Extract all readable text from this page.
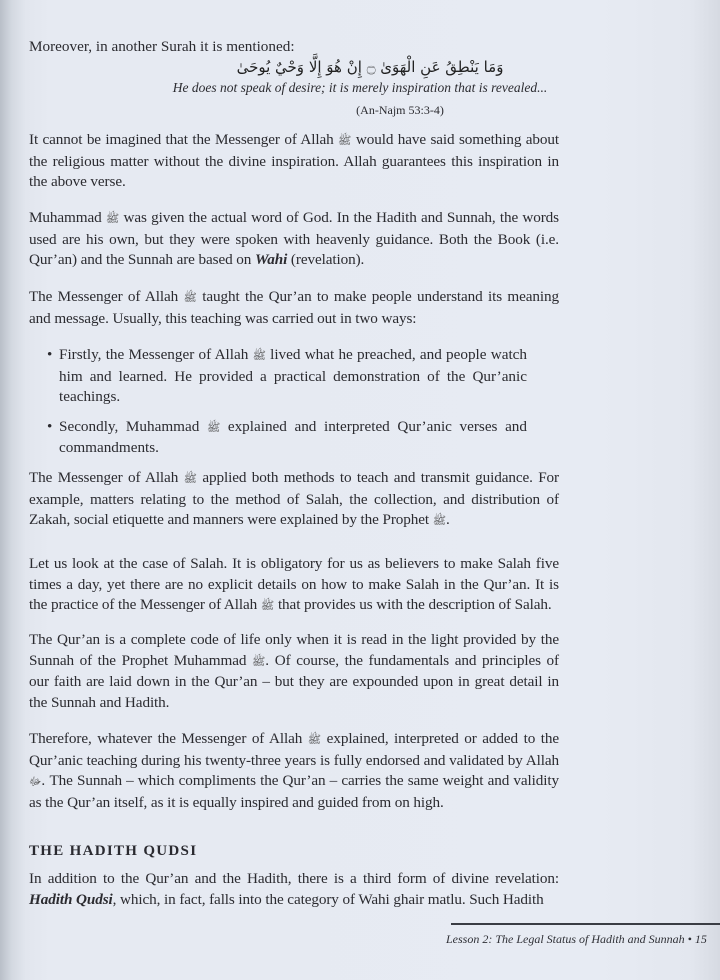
Moreover, in another Surah it is mentioned:
وَمَا يَنْطِقُ عَنِ الْهَوَىٰ ۝ إِنْ هُوَ إِلَّا وَحْيٌ يُوحَىٰ
He does not speak of desire; it is merely inspiration that is revealed...
(An-Najm 53:3-4)

It cannot be imagined that the Messenger of Allah ﷺ would have said something about the religious matter without the divine inspiration. Allah guarantees this inspiration in the above verse.

Muhammad ﷺ was given the actual word of God. In the Hadith and Sunnah, the words used are his own, but they were spoken with heavenly guidance. Both the Book (i.e. Qur’an) and the Sunnah are based on Wahi (revelation).

The Messenger of Allah ﷺ taught the Qur’an to make people understand its meaning and message. Usually, this teaching was carried out in two ways:

• Firstly, the Messenger of Allah ﷺ lived what he preached, and people watch him and learned. He provided a practical demonstration of the Qur’anic teachings.
• Secondly, Muhammad ﷺ explained and interpreted Qur’anic verses and commandments.

The Messenger of Allah ﷺ applied both methods to teach and transmit guidance. For example, matters relating to the method of Salah, the collection, and distribution of Zakah, social etiquette and manners were explained by the Prophet ﷺ.

Let us look at the case of Salah. It is obligatory for us as believers to make Salah five times a day, yet there are no explicit details on how to make Salah in the Qur’an. It is the practice of the Messenger of Allah ﷺ that provides us with the description of Salah.

The Qur’an is a complete code of life only when it is read in the light provided by the Sunnah of the Prophet Muhammad ﷺ. Of course, the fundamentals and principles of our faith are laid down in the Qur’an – but they are expounded upon in great detail in the Sunnah and Hadith.

Therefore, whatever the Messenger of Allah ﷺ explained, interpreted or added to the Qur’anic teaching during his twenty-three years is fully endorsed and validated by Allah ﷻ. The Sunnah – which compliments the Qur’an – carries the same weight and validity as the Qur’an itself, as it is equally inspired and guided from on high.

THE HADITH QUDSI

In addition to the Qur’an and the Hadith, there is a third form of divine revelation: Hadith Qudsi, which, in fact, falls into the category of Wahi ghair matlu. Such Hadith

Lesson 2: The Legal Status of Hadith and Sunnah • 15
